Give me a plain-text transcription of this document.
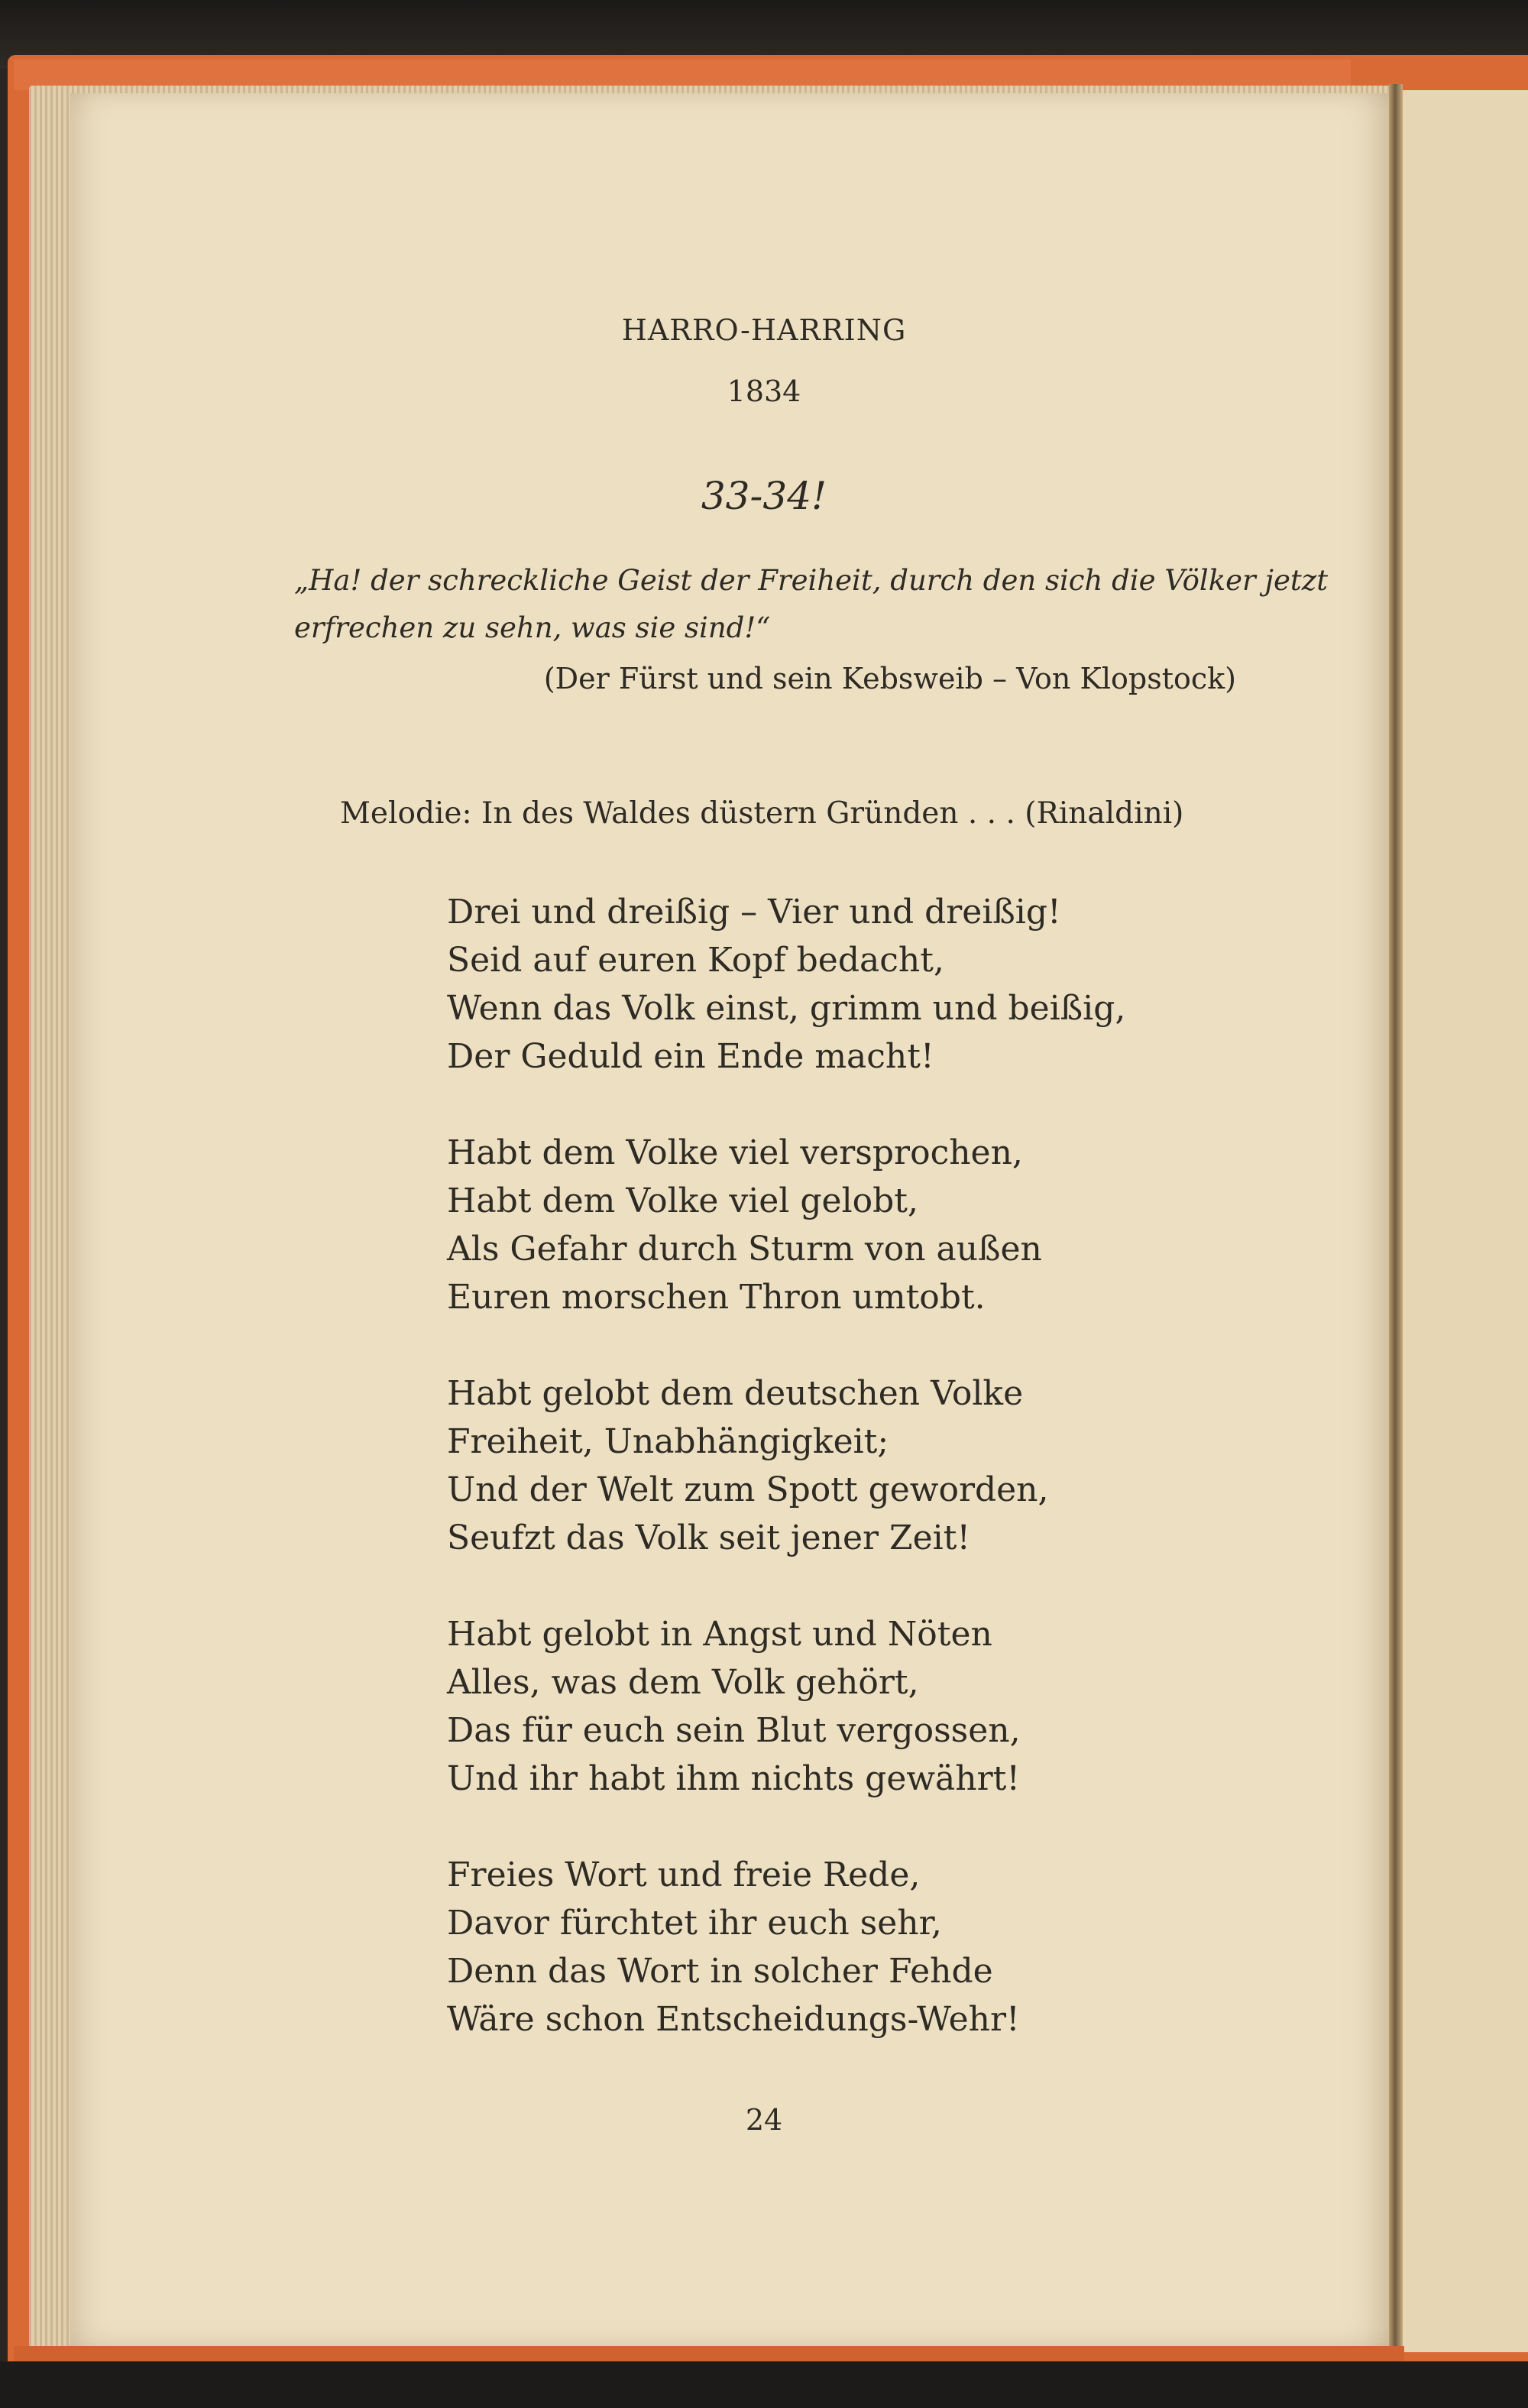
HARRO-HARRING
1834
33-34!
„Ha! der schreckliche Geist der Freiheit, durch den sich die Völker jetzt
erfrechen zu sehn, was sie sind!“
(Der Fürst und sein Kebsweib – Von Klopstock)
Melodie: In des Waldes düstern Gründen . . . (Rinaldini)
Drei und dreißig – Vier und dreißig!
Seid auf euren Kopf bedacht,
Wenn das Volk einst, grimm und beißig,
Der Geduld ein Ende macht!
Habt dem Volke viel versprochen,
Habt dem Volke viel gelobt,
Als Gefahr durch Sturm von außen
Euren morschen Thron umtobt.
Habt gelobt dem deutschen Volke
Freiheit, Unabhängigkeit;
Und der Welt zum Spott geworden,
Seufzt das Volk seit jener Zeit!
Habt gelobt in Angst und Nöten
Alles, was dem Volk gehört,
Das für euch sein Blut vergossen,
Und ihr habt ihm nichts gewährt!
Freies Wort und freie Rede,
Davor fürchtet ihr euch sehr,
Denn das Wort in solcher Fehde
Wäre schon Entscheidungs-Wehr!
24
